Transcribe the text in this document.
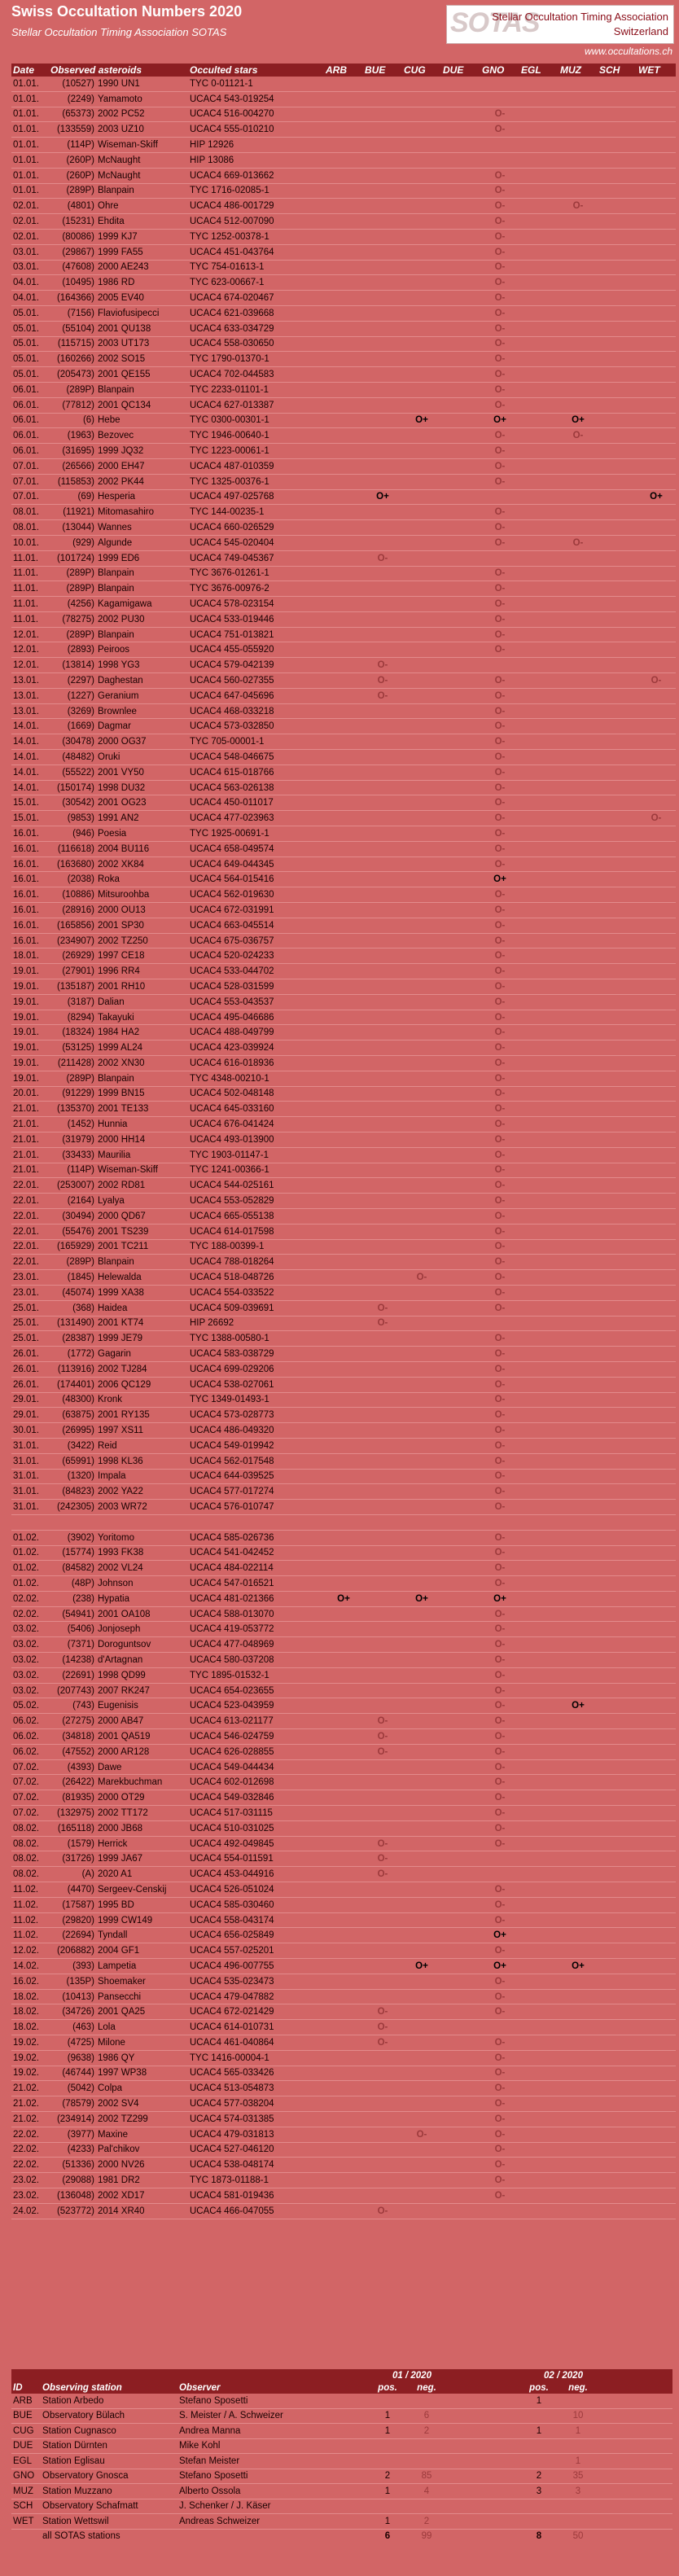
Swiss Occultation Numbers 2020
Stellar Occultation Timing Association SOTAS	SOTAS
Stellar Occultation Timing Association
Switzerland
www.occultations.ch
Date	Observed asteroids		Occulted stars	ARB	BUE	CUG	DUE	GNO	EGL	MUZ	SCH	WET
01.01.	(10527)	1990 UN1	TYC 0-01121-1									
01.01.	(2249)	Yamamoto	UCAC4 543-019254									
01.01.	(65373)	2002 PC52	UCAC4 516-004270					O-				
01.01.	(133559)	2003 UZ10	UCAC4 555-010210					O-				
01.01.	(114P)	Wiseman-Skiff	HIP 12926									
01.01.	(260P)	McNaught	HIP 13086									
01.01.	(260P)	McNaught	UCAC4 669-013662					O-				
01.01.	(289P)	Blanpain	TYC 1716-02085-1					O-				
02.01.	(4801)	Ohre	UCAC4 486-001729					O-		O-		
02.01.	(15231)	Ehdita	UCAC4 512-007090					O-				
02.01.	(80086)	1999 KJ7	TYC 1252-00378-1					O-				
03.01.	(29867)	1999 FA55	UCAC4 451-043764					O-				
03.01.	(47608)	2000 AE243	TYC 754-01613-1					O-				
04.01.	(10495)	1986 RD	TYC 623-00667-1					O-				
04.01.	(164366)	2005 EV40	UCAC4 674-020467					O-				
05.01.	(7156)	Flaviofusipecci	UCAC4 621-039668					O-				
05.01.	(55104)	2001 QU138	UCAC4 633-034729					O-				
05.01.	(115715)	2003 UT173	UCAC4 558-030650					O-				
05.01.	(160266)	2002 SO15	TYC 1790-01370-1					O-				
05.01.	(205473)	2001 QE155	UCAC4 702-044583					O-				
06.01.	(289P)	Blanpain	TYC 2233-01101-1					O-				
06.01.	(77812)	2001 QC134	UCAC4 627-013387					O-				
06.01.	(6)	Hebe	TYC 0300-00301-1			O+		O+		O+		
06.01.	(1963)	Bezovec	TYC 1946-00640-1					O-		O-		
06.01.	(31695)	1999 JQ32	TYC 1223-00061-1					O-				
07.01.	(26566)	2000 EH47	UCAC4 487-010359					O-				
07.01.	(115853)	2002 PK44	TYC 1325-00376-1					O-				
07.01.	(69)	Hesperia	UCAC4 497-025768		O+							O+
08.01.	(11921)	Mitomasahiro	TYC 144-00235-1					O-				
08.01.	(13044)	Wannes	UCAC4 660-026529					O-				
10.01.	(929)	Algunde	UCAC4 545-020404					O-		O-		
11.01.	(101724)	1999 ED6	UCAC4 749-045367		O-							
11.01.	(289P)	Blanpain	TYC 3676-01261-1					O-				
11.01.	(289P)	Blanpain	TYC 3676-00976-2					O-				
11.01.	(4256)	Kagamigawa	UCAC4 578-023154					O-				
11.01.	(78275)	2002 PU30	UCAC4 533-019446					O-				
12.01.	(289P)	Blanpain	UCAC4 751-013821					O-				
12.01.	(2893)	Peiroos	UCAC4 455-055920					O-				
12.01.	(13814)	1998 YG3	UCAC4 579-042139		O-							
13.01.	(2297)	Daghestan	UCAC4 560-027355		O-			O-				O-
13.01.	(1227)	Geranium	UCAC4 647-045696		O-			O-				
13.01.	(3269)	Brownlee	UCAC4 468-033218					O-				
14.01.	(1669)	Dagmar	UCAC4 573-032850					O-				
14.01.	(30478)	2000 OG37	TYC 705-00001-1					O-				
14.01.	(48482)	Oruki	UCAC4 548-046675					O-				
14.01.	(55522)	2001 VY50	UCAC4 615-018766					O-				
14.01.	(150174)	1998 DU32	UCAC4 563-026138					O-				
15.01.	(30542)	2001 OG23	UCAC4 450-011017					O-				
15.01.	(9853)	1991 AN2	UCAC4 477-023963					O-				O-
16.01.	(946)	Poesia	TYC 1925-00691-1					O-				
16.01.	(116618)	2004 BU116	UCAC4 658-049574					O-				
16.01.	(163680)	2002 XK84	UCAC4 649-044345					O-				
16.01.	(2038)	Roka	UCAC4 564-015416					O+				
16.01.	(10886)	Mitsuroohba	UCAC4 562-019630					O-				
16.01.	(28916)	2000 OU13	UCAC4 672-031991					O-				
16.01.	(165856)	2001 SP30	UCAC4 663-045514					O-				
16.01.	(234907)	2002 TZ250	UCAC4 675-036757					O-				
18.01.	(26929)	1997 CE18	UCAC4 520-024233					O-				
19.01.	(27901)	1996 RR4	UCAC4 533-044702					O-				
19.01.	(135187)	2001 RH10	UCAC4 528-031599					O-				
19.01.	(3187)	Dalian	UCAC4 553-043537					O-				
19.01.	(8294)	Takayuki	UCAC4 495-046686					O-				
19.01.	(18324)	1984 HA2	UCAC4 488-049799					O-				
19.01.	(53125)	1999 AL24	UCAC4 423-039924					O-				
19.01.	(211428)	2002 XN30	UCAC4 616-018936					O-				
19.01.	(289P)	Blanpain	TYC 4348-00210-1					O-				
20.01.	(91229)	1999 BN15	UCAC4 502-048148					O-				
21.01.	(135370)	2001 TE133	UCAC4 645-033160					O-				
21.01.	(1452)	Hunnia	UCAC4 676-041424					O-				
21.01.	(31979)	2000 HH14	UCAC4 493-013900					O-				
21.01.	(33433)	Maurilia	TYC 1903-01147-1					O-				
21.01.	(114P)	Wiseman-Skiff	TYC 1241-00366-1					O-				
22.01.	(253007)	2002 RD81	UCAC4 544-025161					O-				
22.01.	(2164)	Lyalya	UCAC4 553-052829					O-				
22.01.	(30494)	2000 QD67	UCAC4 665-055138					O-				
22.01.	(55476)	2001 TS239	UCAC4 614-017598					O-				
22.01.	(165929)	2001 TC211	TYC 188-00399-1					O-				
22.01.	(289P)	Blanpain	UCAC4 788-018264					O-				
23.01.	(1845)	Helewalda	UCAC4 518-048726			O-		O-				
23.01.	(45074)	1999 XA38	UCAC4 554-033522					O-				
25.01.	(368)	Haidea	UCAC4 509-039691		O-			O-				
25.01.	(131490)	2001 KT74	HIP 26692		O-							
25.01.	(28387)	1999 JE79	TYC 1388-00580-1					O-				
26.01.	(1772)	Gagarin	UCAC4 583-038729					O-				
26.01.	(113916)	2002 TJ284	UCAC4 699-029206					O-				
26.01.	(174401)	2006 QC129	UCAC4 538-027061					O-				
29.01.	(48300)	Kronk	TYC 1349-01493-1					O-				
29.01.	(63875)	2001 RY135	UCAC4 573-028773					O-				
30.01.	(26995)	1997 XS11	UCAC4 486-049320					O-				
31.01.	(3422)	Reid	UCAC4 549-019942					O-				
31.01.	(65991)	1998 KL36	UCAC4 562-017548					O-				
31.01.	(1320)	Impala	UCAC4 644-039525					O-				
31.01.	(84823)	2002 YA22	UCAC4 577-017274					O-				
31.01.	(242305)	2003 WR72	UCAC4 576-010747					O-				

01.02.	(3902)	Yoritomo	UCAC4 585-026736					O-				
01.02.	(15774)	1993 FK38	UCAC4 541-042452					O-				
01.02.	(84582)	2002 VL24	UCAC4 484-022114					O-				
01.02.	(48P)	Johnson	UCAC4 547-016521					O-				
02.02.	(238)	Hypatia	UCAC4 481-021366	O+		O+		O+				
02.02.	(54941)	2001 OA108	UCAC4 588-013070					O-				
03.02.	(5406)	Jonjoseph	UCAC4 419-053772					O-				
03.02.	(7371)	Doroguntsov	UCAC4 477-048969					O-				
03.02.	(14238)	d'Artagnan	UCAC4 580-037208					O-				
03.02.	(22691)	1998 QD99	TYC 1895-01532-1					O-				
03.02.	(207743)	2007 RK247	UCAC4 654-023655					O-				
05.02.	(743)	Eugenisis	UCAC4 523-043959					O-		O+		
06.02.	(27275)	2000 AB47	UCAC4 613-021177		O-			O-				
06.02.	(34818)	2001 QA519	UCAC4 546-024759		O-			O-				
06.02.	(47552)	2000 AR128	UCAC4 626-028855		O-			O-				
07.02.	(4393)	Dawe	UCAC4 549-044434					O-				
07.02.	(26422)	Marekbuchman	UCAC4 602-012698					O-				
07.02.	(81935)	2000 OT29	UCAC4 549-032846					O-				
07.02.	(132975)	2002 TT172	UCAC4 517-031115					O-				
08.02.	(165118)	2000 JB68	UCAC4 510-031025					O-				
08.02.	(1579)	Herrick	UCAC4 492-049845		O-			O-				
08.02.	(31726)	1999 JA67	UCAC4 554-011591		O-							
08.02.	(A)	2020 A1	UCAC4 453-044916		O-							
11.02.	(4470)	Sergeev-Censkij	UCAC4 526-051024					O-				
11.02.	(17587)	1995 BD	UCAC4 585-030460					O-				
11.02.	(29820)	1999 CW149	UCAC4 558-043174					O-				
11.02.	(22694)	Tyndall	UCAC4 656-025849					O+				
12.02.	(206882)	2004 GF1	UCAC4 557-025201					O-				
14.02.	(393)	Lampetia	UCAC4 496-007755			O+		O+		O+		
16.02.	(135P)	Shoemaker	UCAC4 535-023473					O-				
18.02.	(10413)	Pansecchi	UCAC4 479-047882					O-				
18.02.	(34726)	2001 QA25	UCAC4 672-021429		O-			O-				
18.02.	(463)	Lola	UCAC4 614-010731		O-							
19.02.	(4725)	Milone	UCAC4 461-040864		O-			O-				
19.02.	(9638)	1986 QY	TYC 1416-00004-1					O-				
19.02.	(46744)	1997 WP38	UCAC4 565-033426					O-				
21.02.	(5042)	Colpa	UCAC4 513-054873					O-				
21.02.	(78579)	2002 SV4	UCAC4 577-038204					O-				
21.02.	(234914)	2002 TZ299	UCAC4 574-031385					O-				
22.02.	(3977)	Maxine	UCAC4 479-031813			O-		O-				
22.02.	(4233)	Pal'chikov	UCAC4 527-046120					O-				
22.02.	(51336)	2000 NV26	UCAC4 538-048174					O-				
23.02.	(29088)	1981 DR2	TYC 1873-01188-1					O-				
23.02.	(136048)	2002 XD17	UCAC4 581-019436					O-				
24.02.	(523772)	2014 XR40	UCAC4 466-047055		O-							
			01 / 2020			02 / 2020		
ID	Observing station	Observer	pos.	neg.		pos.	neg.	
ARB	Station Arbedo	Stefano Sposetti				1		
BUE	Observatory Bülach	S. Meister / A. Schweizer	1	6			10	
CUG	Station Cugnasco	Andrea Manna	1	2		1	1	
DUE	Station Dürnten	Mike Kohl						
EGL	Station Eglisau	Stefan Meister					1	
GNO	Observatory Gnosca	Stefano Sposetti	2	85		2	35	
MUZ	Station Muzzano	Alberto Ossola	1	4		3	3	
SCH	Observatory Schafmatt	J. Schenker / J. Käser						
WET	Station Wettswil	Andreas Schweizer	1	2				
	all SOTAS stations		6	99		8	50	
